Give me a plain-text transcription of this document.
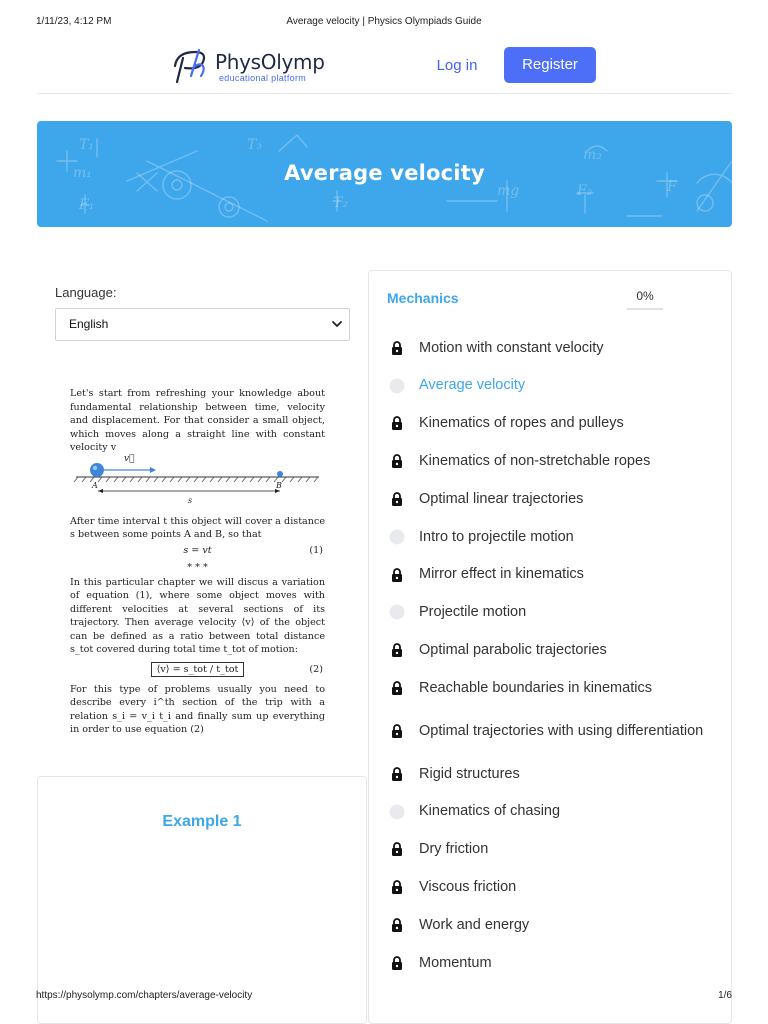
1/11/23, 4:12 PM	Average velocity | Physics Olympiads Guide
PhysOlymp
educational platform
Log in	Register
T₁
m₁
F₁
T₃
T₂
mg
m₂
F₂	F
Average velocity
Language:
English

Let's start from refreshing your knowledge about fundamental relationship between time, velocity and displacement. For that consider a small object, which moves along a straight line with constant velocity v

v⃗
A	B
s

After time interval t this object will cover a distance s between some points A and B, so that

s = vt	(1)
* * *

In this particular chapter we will discus a variation of equation (1), where some object moves with different velocities at several sections of its trajectory. Then average velocity ⟨v⟩ of the object can be defined as a ratio between total distance s_tot covered during total time t_tot of motion:

⟨v⟩ = s_tot / t_tot	(2)

For this type of problems usually you need to describe every i^th section of the trip with a relation s_i = v_i t_i and finally sum up everything in order to use equation (2)

Example 1
Mechanics	0%
Motion with constant velocity
Average velocity
Kinematics of ropes and pulleys
Kinematics of non-stretchable ropes
Optimal linear trajectories
Intro to projectile motion
Mirror effect in kinematics
Projectile motion
Optimal parabolic trajectories
Reachable boundaries in kinematics
Optimal trajectories with using differentiation
Rigid structures
Kinematics of chasing
Dry friction
Viscous friction
Work and energy
Momentum
https://physolymp.com/chapters/average-velocity	1/6
